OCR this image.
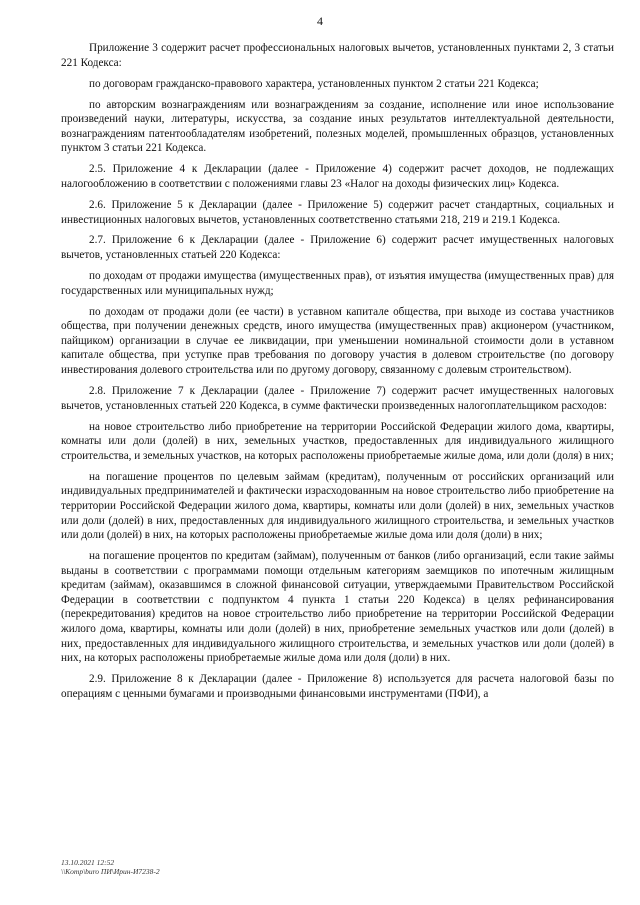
4

Приложение 3 содержит расчет профессиональных налоговых вычетов, установленных пунктами 2, 3 статьи 221 Кодекса:

по договорам гражданско-правового характера, установленных пунктом 2 статьи 221 Кодекса;

по авторским вознаграждениям или вознаграждениям за создание, исполнение или иное использование произведений науки, литературы, искусства, за создание иных результатов интеллектуальной деятельности, вознаграждениям патентообладателям изобретений, полезных моделей, промышленных образцов, установленных пунктом 3 статьи 221 Кодекса.

2.5. Приложение 4 к Декларации (далее - Приложение 4) содержит расчет доходов, не подлежащих налогообложению в соответствии с положениями главы 23 «Налог на доходы физических лиц» Кодекса.

2.6. Приложение 5 к Декларации (далее - Приложение 5) содержит расчет стандартных, социальных и инвестиционных налоговых вычетов, установленных соответственно статьями 218, 219 и 219.1 Кодекса.

2.7. Приложение 6 к Декларации (далее - Приложение 6) содержит расчет имущественных налоговых вычетов, установленных статьей 220 Кодекса:

по доходам от продажи имущества (имущественных прав), от изъятия имущества (имущественных прав) для государственных или муниципальных нужд;

по доходам от продажи доли (ее части) в уставном капитале общества, при выходе из состава участников общества, при получении денежных средств, иного имущества (имущественных прав) акционером (участником, пайщиком) организации в случае ее ликвидации, при уменьшении номинальной стоимости доли в уставном капитале общества, при уступке прав требования по договору участия в долевом строительстве (по договору инвестирования долевого строительства или по другому договору, связанному с долевым строительством).

2.8. Приложение 7 к Декларации (далее - Приложение 7) содержит расчет имущественных налоговых вычетов, установленных статьей 220 Кодекса, в сумме фактически произведенных налогоплательщиком расходов:

на новое строительство либо приобретение на территории Российской Федерации жилого дома, квартиры, комнаты или доли (долей) в них, земельных участков, предоставленных для индивидуального жилищного строительства, и земельных участков, на которых расположены приобретаемые жилые дома, или доли (доля) в них;

на погашение процентов по целевым займам (кредитам), полученным от российских организаций или индивидуальных предпринимателей и фактически израсходованным на новое строительство либо приобретение на территории Российской Федерации жилого дома, квартиры, комнаты или доли (долей) в них, земельных участков или доли (долей) в них, предоставленных для индивидуального жилищного строительства, и земельных участков или доли (долей) в них, на которых расположены приобретаемые жилые дома или доля (доли) в них;

на погашение процентов по кредитам (займам), полученным от банков (либо организаций, если такие займы выданы в соответствии с программами помощи отдельным категориям заемщиков по ипотечным жилищным кредитам (займам), оказавшимся в сложной финансовой ситуации, утверждаемыми Правительством Российской Федерации в соответствии с подпунктом 4 пункта 1 статьи 220 Кодекса) в целях рефинансирования (перекредитования) кредитов на новое строительство либо приобретение на территории Российской Федерации жилого дома, квартиры, комнаты или доли (долей) в них, приобретение земельных участков или доли (долей) в них, предоставленных для индивидуального жилищного строительства, и земельных участков или доли (долей) в них, на которых расположены приобретаемые жилые дома или доля (доли) в них.

2.9. Приложение 8 к Декларации (далее - Приложение 8) используется для расчета налоговой базы по операциям с ценными бумагами и производными финансовыми инструментами (ПФИ), а

13.10.2021 12:52
\\Komp\buro ПИ\Ирин-И7238-2
